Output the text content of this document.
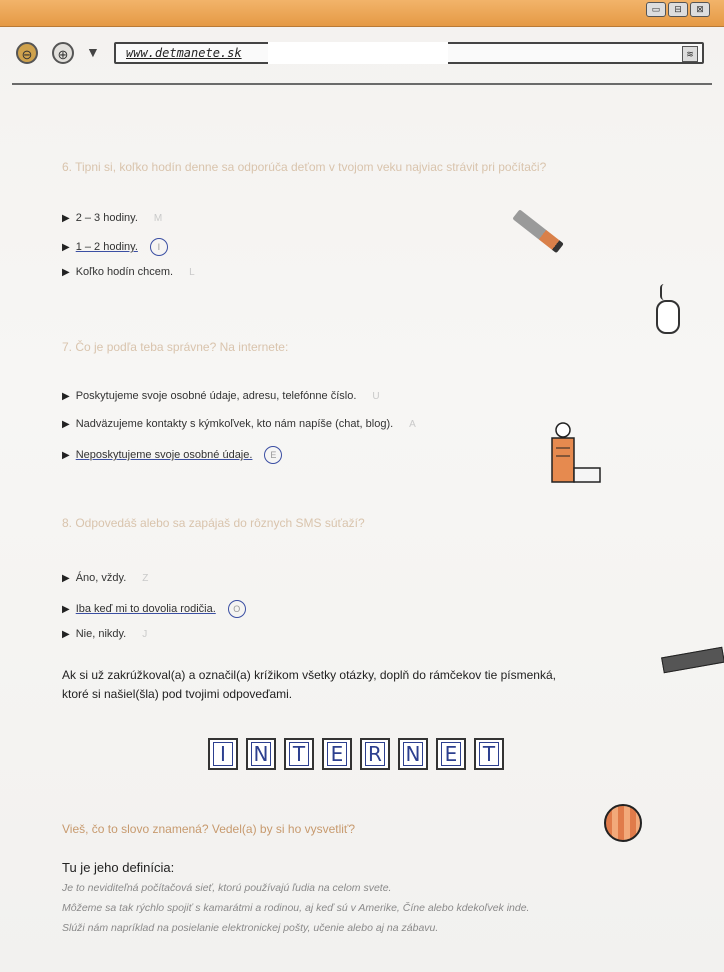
▭	⊟	⊠
⊖	⊕	▼ www.detmanete.sk	≋
6. Tipni si, koľko hodín denne sa odporúča deťom v tvojom veku najviac strávit pri počítači?
▶ 2 – 3 hodiny. M
▶ 1 – 2 hodiny.	I
▶ Koľko hodín chcem. L
7. Čo je podľa teba správne? Na internete:
▶ Poskytujeme svoje osobné údaje, adresu, telefónne číslo. U
▶ Nadväzujeme kontakty s kýmkoľvek, kto nám napíše (chat, blog). A
▶ Neposkytujeme svoje osobné údaje.	E
8. Odpovedáš alebo sa zapájaš do rôznych SMS súťaží?
▶ Áno, vždy. Z
▶ Iba keď mi to dovolia rodičia.	O
▶ Nie, nikdy. J
Ak si už zakrúžkoval(a) a označil(a) krížikom všetky otázky, doplň do rámčekov tie písmenká,
ktoré si našiel(šla) pod tvojimi odpoveďami.
I	N T E R N E T
Vieš, čo to slovo znamená? Vedel(a) by si ho vysvetliť?
Tu je jeho definícia:
Je to neviditeľná počítačová sieť, ktorú používajú ľudia na celom svete.
Môžeme sa tak rýchlo spojiť s kamarátmi a rodinou, aj keď sú v Amerike, Číne alebo kdekoľvek inde.
Slúži nám napríklad na posielanie elektronickej pošty, učenie alebo aj na zábavu.
